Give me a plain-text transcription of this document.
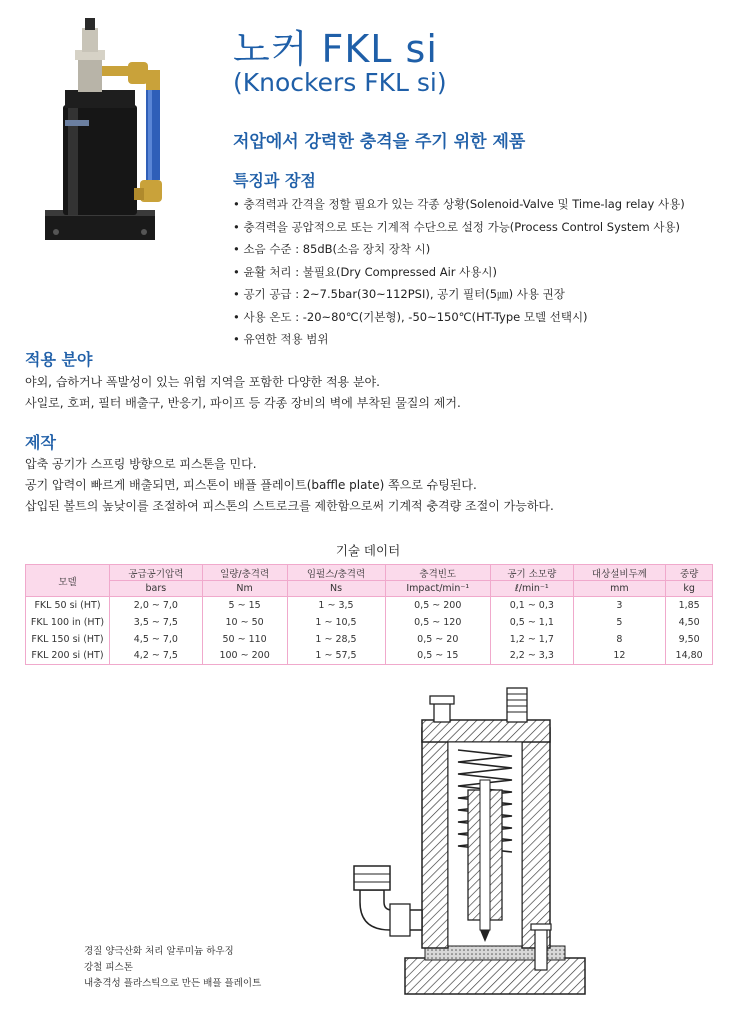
노커 FKL si
(Knockers FKL si)
저압에서 강력한 충격을 주기 위한 제품
특징과 장점
• 충격력과 간격을 정할 필요가 있는 각종 상황(Solenoid-Valve 및 Time-lag relay 사용)
• 충격력을 공압적으로 또는 기계적 수단으로 설정 가능(Process Control System 사용)
• 소음 수준 : 85dB(소음 장치 장착 시)
• 윤활 처리 : 불필요(Dry Compressed Air 사용시)
• 공기 공급 : 2~7.5bar(30~112PSI), 공기 필터(5㎛) 사용 권장
• 사용 온도 : -20~80℃(기본형), -50~150℃(HT-Type 모델 선택시)
• 유연한 적용 범위
적용 분야
야외, 습하거나 폭발성이 있는 위험 지역을 포함한 다양한 적용 분야.
사일로, 호퍼, 필터 배출구, 반응기, 파이프 등 각종 장비의 벽에 부착된 물질의 제거.
제작
압축 공기가 스프링 방향으로 피스톤을 민다.
공기 압력이 빠르게 배출되면, 피스톤이 배플 플레이트(baffle plate) 쪽으로 슈팅된다.
삽입된 볼트의 높낮이를 조절하여 피스톤의 스트로크를 제한함으로써 기계적 충격량 조절이 가능하다.
기술 데이터
모델	공급공기압력	일량/충격력	임펄스/충격력	충격빈도	공기 소모량	대상설비두께	중량
	bars	Nm	Ns	Impact/min⁻¹	ℓ/min⁻¹	mm	kg
FKL 50 si (HT)	2,0 ~ 7,0	5 ~ 15	1 ~ 3,5	0,5 ~ 200	0,1 ~ 0,3	3	1,85
FKL 100 in (HT)	3,5 ~ 7,5	10 ~ 50	1 ~ 10,5	0,5 ~ 120	0,5 ~ 1,1	5	4,50
FKL 150 si (HT)	4,5 ~ 7,0	50 ~ 110	1 ~ 28,5	0,5 ~ 20	1,2 ~ 1,7	8	9,50
FKL 200 si (HT)	4,2 ~ 7,5	100 ~ 200	1 ~ 57,5	0,5 ~ 15	2,2 ~ 3,3	12	14,80
경질 양극산화 처리 알루미늄 하우징
강철 피스톤
내충격성 플라스틱으로 만든 배플 플레이트
